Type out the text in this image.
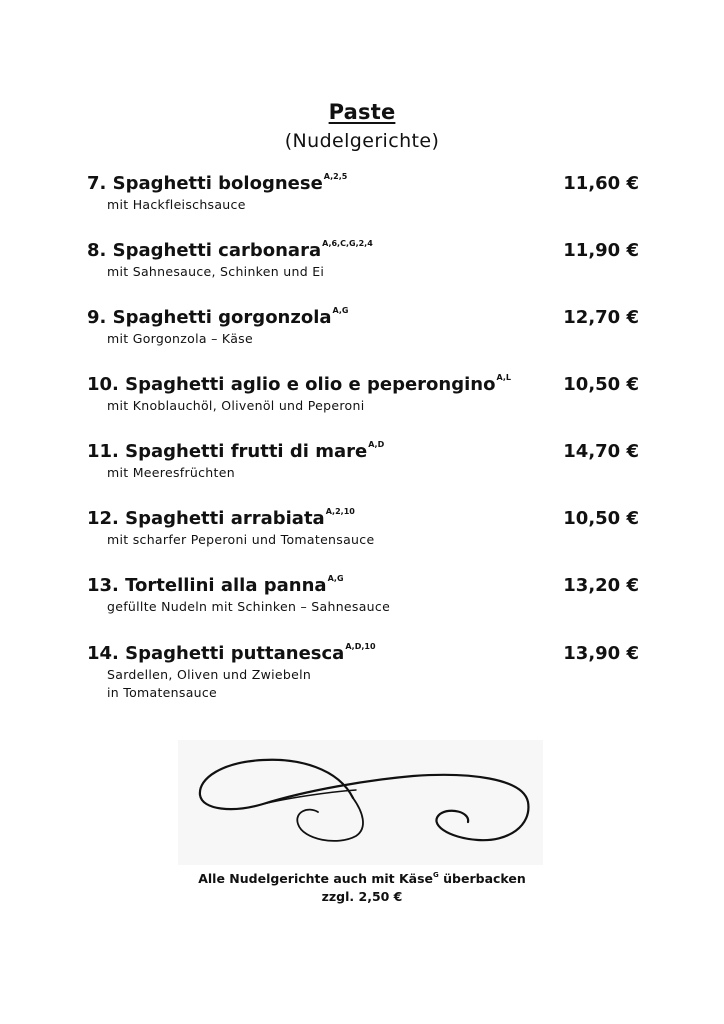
Paste
(Nudelgerichte)
7. Spaghetti bolognese$^{A,2,5}$	11,60 €
mit Hackfleischsauce
8. Spaghetti carbonara$^{A,6,C,G,2,4}$	11,90 €
mit Sahnesauce, Schinken und Ei
9. Spaghetti gorgonzola$^{A,G}$	12,70 €
mit Gorgonzola – Käse
10. Spaghetti aglio e olio e peperongino$^{A,L}$	10,50 €
mit Knoblauchöl, Olivenöl und Peperoni
11. Spaghetti frutti di mare$^{A,D}$	14,70 €
mit Meeresfrüchten
12. Spaghetti arrabiata$^{A,2,10}$	10,50 €
mit scharfer Peperoni und Tomatensauce
13. Tortellini alla panna$^{A,G}$	13,20 €
gefüllte Nudeln mit Schinken – Sahnesauce
14. Spaghetti puttanesca$^{A,D,10}$	13,90 €
Sardellen, Oliven und Zwiebeln
in Tomatensauce
Alle Nudelgerichte auch mit Käse$^G$ überbacken
zzgl. 2,50 €
